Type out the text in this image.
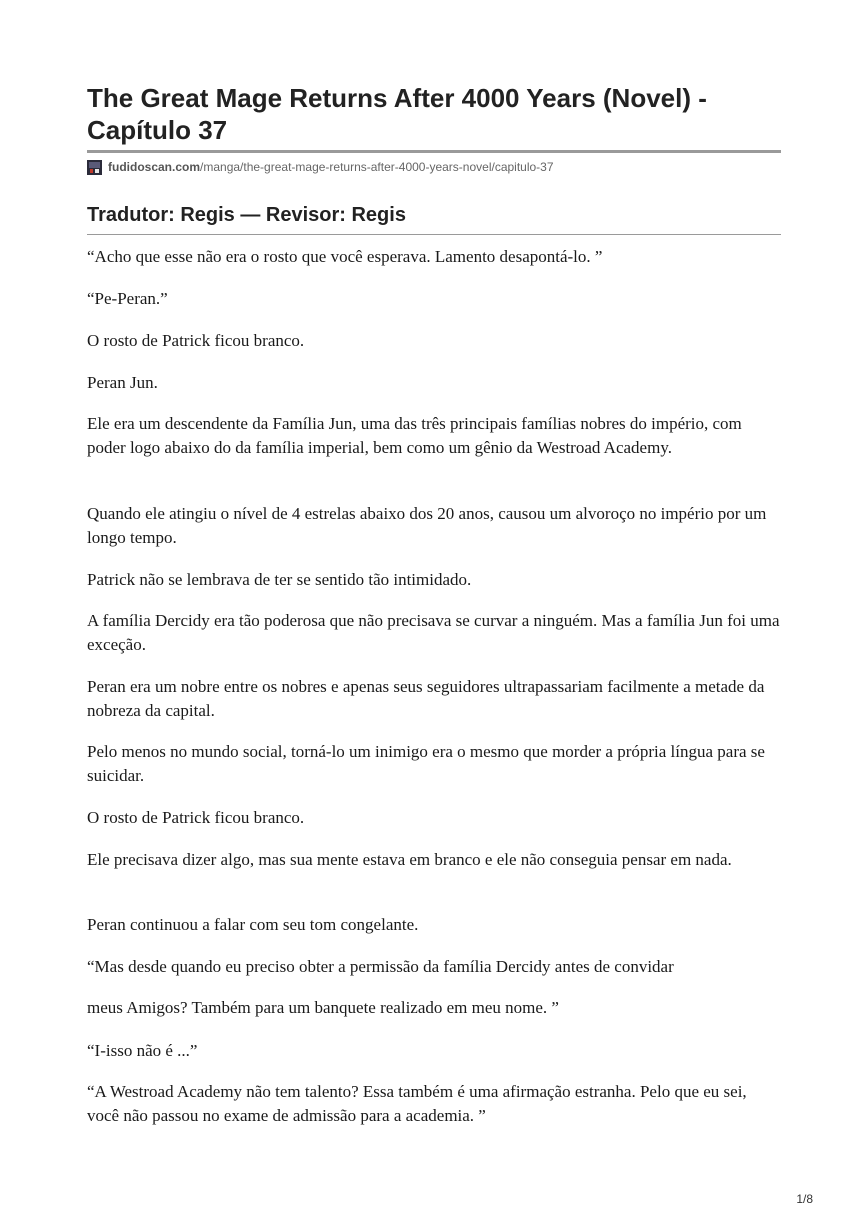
The Great Mage Returns After 4000 Years (Novel) - Capítulo 37
fudidoscan.com /manga/the-great-mage-returns-after-4000-years-novel/capitulo-37
Tradutor: Regis — Revisor: Regis

“Acho que esse não era o rosto que você esperava. Lamento desapontá-lo. ”

“Pe-Peran.”

O rosto de Patrick ficou branco.

Peran Jun.

Ele era um descendente da Família Jun, uma das três principais famílias nobres do império, com poder logo abaixo do da família imperial, bem como um gênio da Westroad Academy.

Quando ele atingiu o nível de 4 estrelas abaixo dos 20 anos, causou um alvoroço no império por um longo tempo.

Patrick não se lembrava de ter se sentido tão intimidado.

A família Dercidy era tão poderosa que não precisava se curvar a ninguém. Mas a família Jun foi uma exceção.

Peran era um nobre entre os nobres e apenas seus seguidores ultrapassariam facilmente a metade da nobreza da capital.

Pelo menos no mundo social, torná-lo um inimigo era o mesmo que morder a própria língua para se suicidar.

O rosto de Patrick ficou branco.

Ele precisava dizer algo, mas sua mente estava em branco e ele não conseguia pensar em nada.

Peran continuou a falar com seu tom congelante.

“Mas desde quando eu preciso obter a permissão da família Dercidy antes de convidar

meus Amigos? Também para um banquete realizado em meu nome. ”

“I-isso não é ...”

“A Westroad Academy não tem talento? Essa também é uma afirmação estranha. Pelo que eu sei, você não passou no exame de admissão para a academia. ”

1/8
